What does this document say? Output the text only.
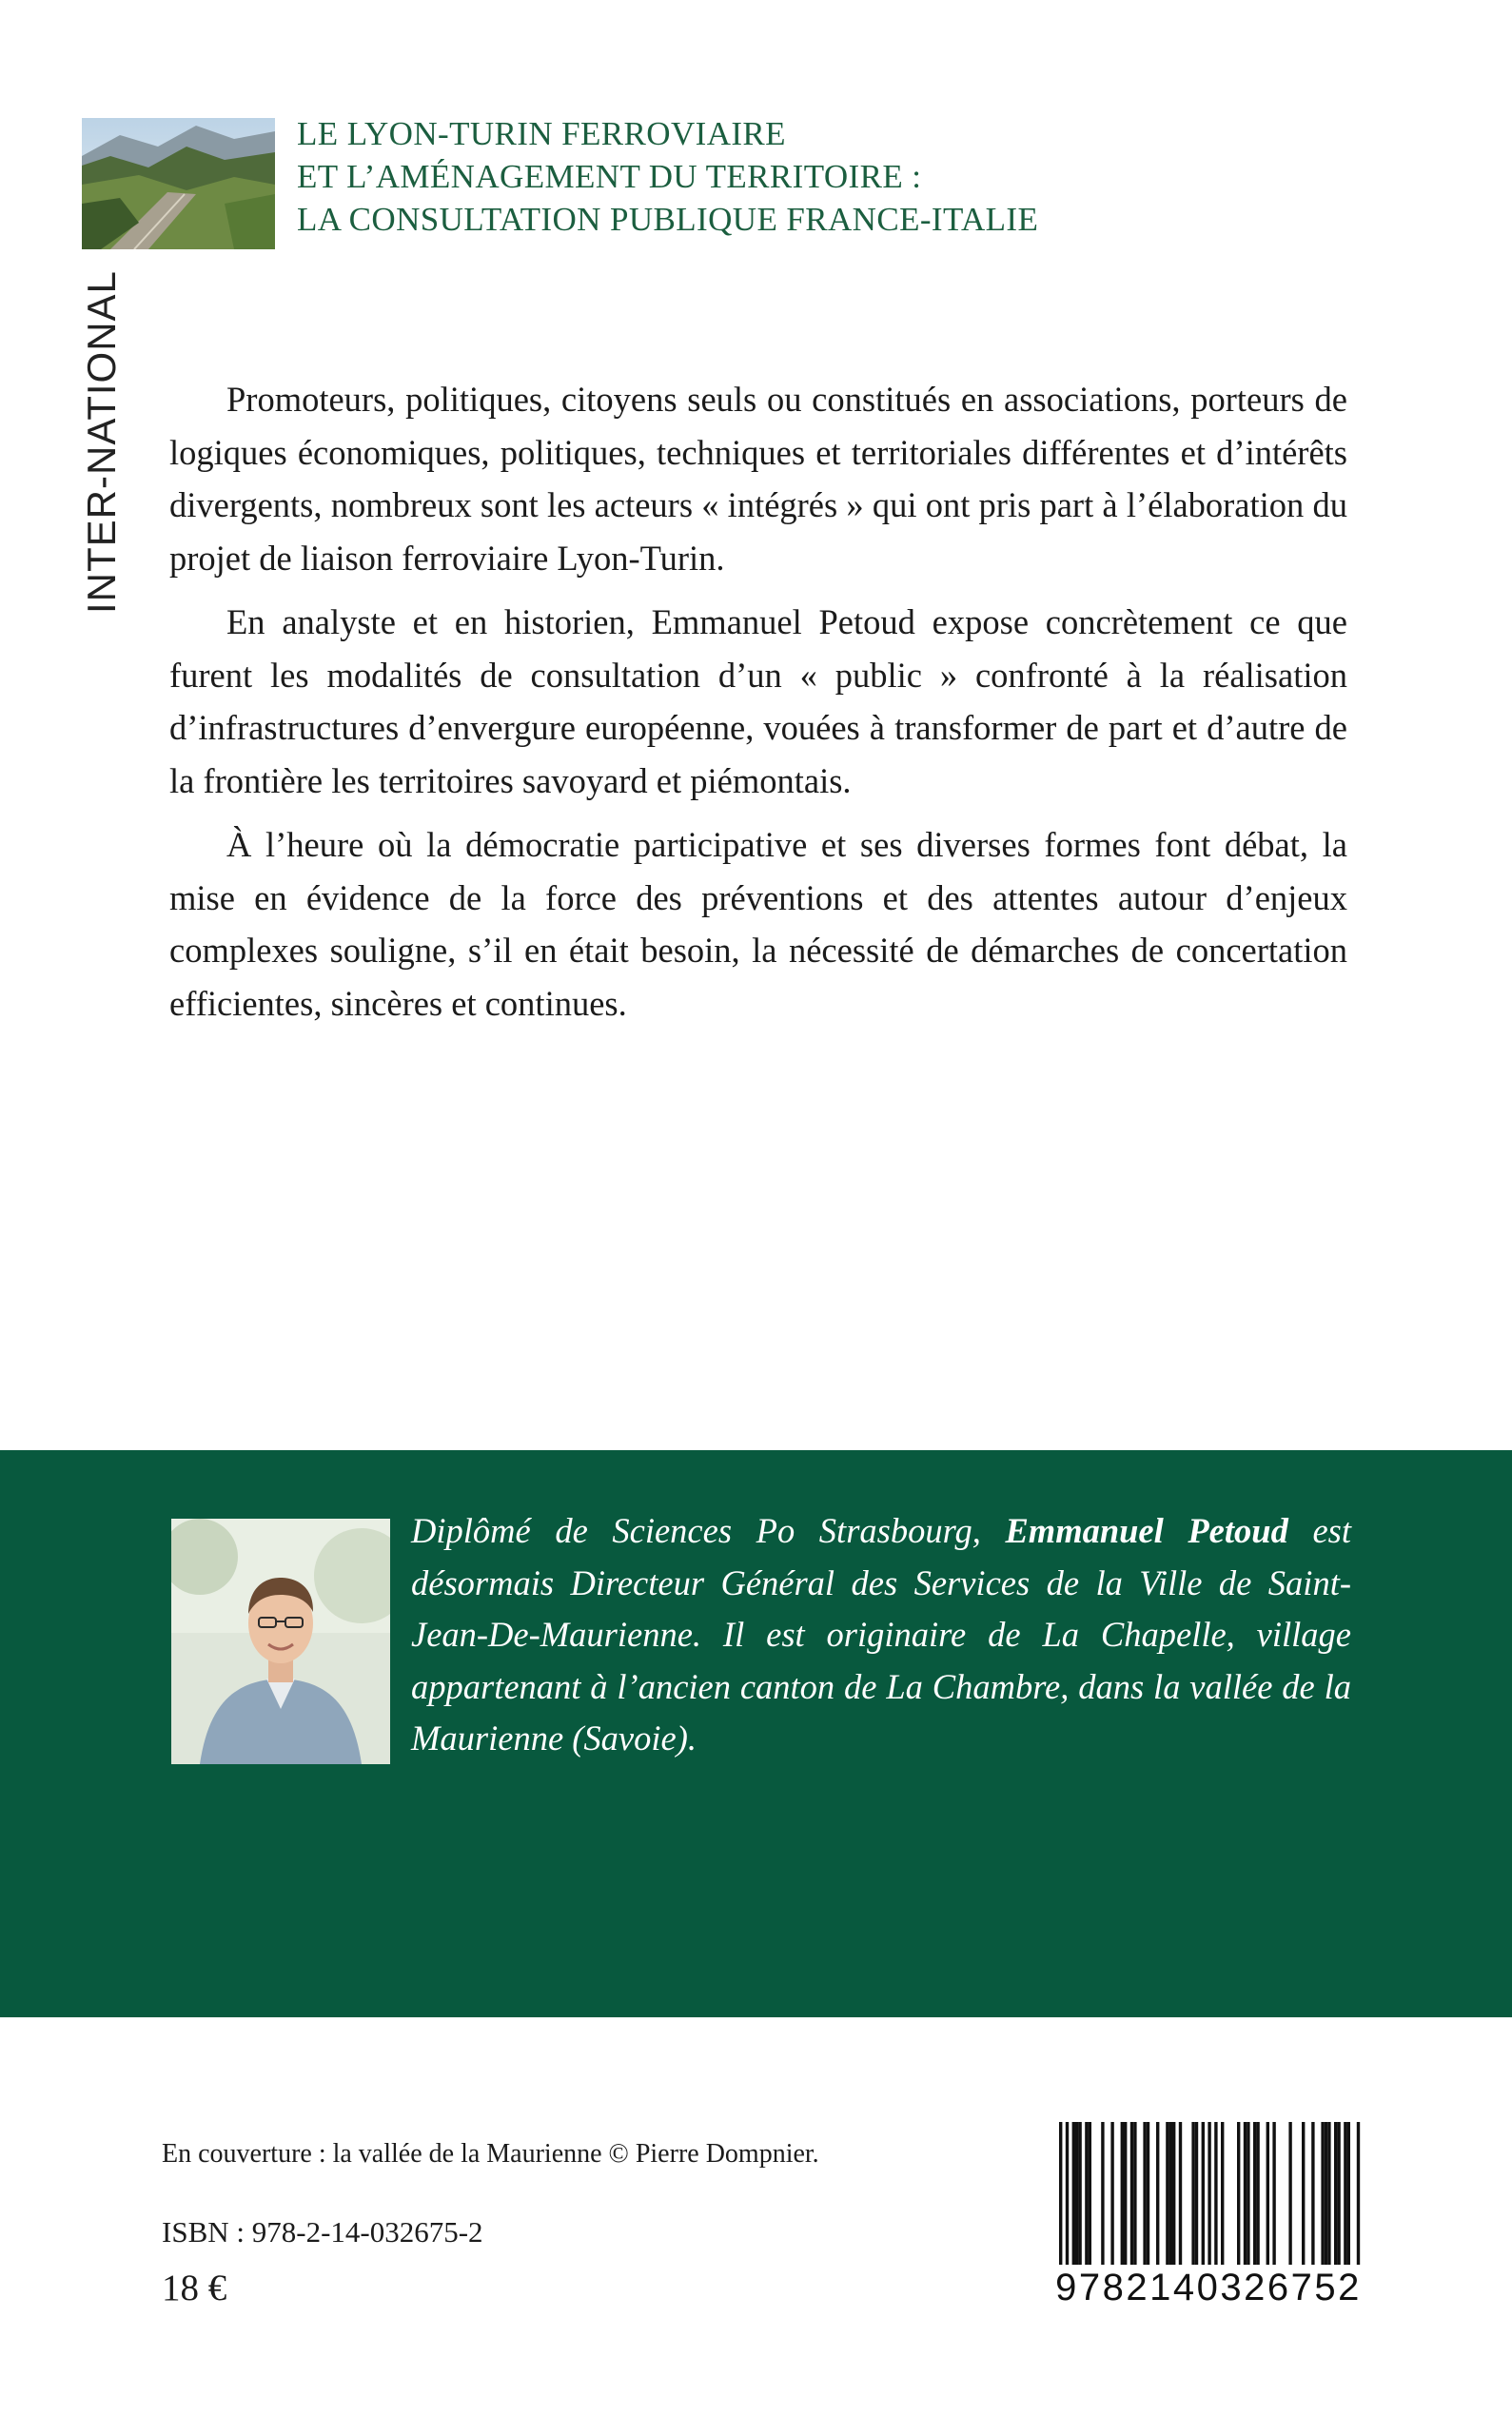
LE LYON-TURIN FERROVIAIRE
ET L’AMÉNAGEMENT DU TERRITOIRE :
LA CONSULTATION PUBLIQUE FRANCE-ITALIE
INTER-NATIONAL	Promoteurs, politiques, citoyens seuls ou constitués en associations, porteurs de logiques économiques, politiques, techniques et territoriales différentes et d’intérêts divergents, nombreux sont les acteurs « intégrés » qui ont pris part à l’élaboration du projet de liaison ferroviaire Lyon-Turin.

En analyste et en historien, Emmanuel Petoud expose concrètement ce que furent les modalités de consultation d’un « public » confronté à la réalisation d’infrastructures d’envergure européenne, vouées à transformer de part et d’autre de la frontière les territoires savoyard et piémontais.

À l’heure où la démocratie participative et ses diverses formes font débat, la mise en évidence de la force des préventions et des attentes autour d’enjeux complexes souligne, s’il en était besoin, la nécessité de démarches de concertation efficientes, sincères et continues.

Diplômé de Sciences Po Strasbourg, Emmanuel Petoud est désormais Directeur Général des Services de la Ville de Saint-Jean-De-Maurienne. Il est originaire de La Chapelle, village appartenant à l’ancien canton de La Chambre, dans la vallée de la Maurienne (Savoie).
En couverture : la vallée de la Maurienne © Pierre Dompnier.
ISBN : 978-2-14-032675-2
18 €	9782140326752
